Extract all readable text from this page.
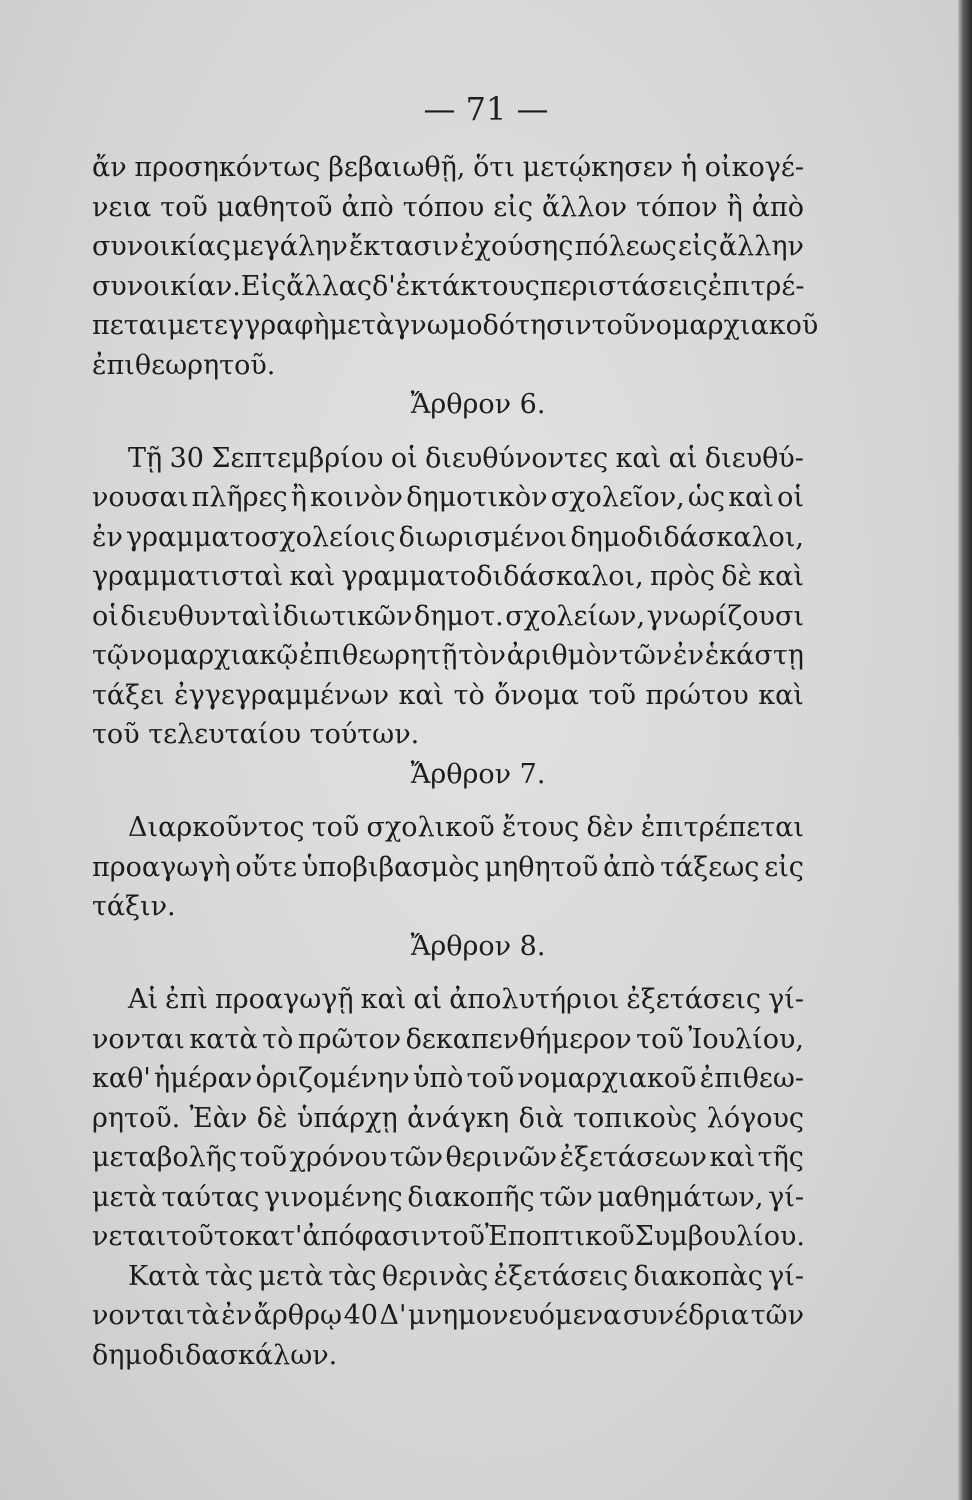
— 71 —
ἄν προσηκόντως βεβαιωθῇ, ὅτι μετῴκησεν ἡ οἰκογέ-
νεια τοῦ μαθητοῦ ἀπὸ τόπου εἰς ἄλλον τόπον ἢ ἀπὸ
συνοικίας μεγάλην ἔκτασιν ἐχούσης πόλεως εἰς ἄλλην
συνοικίαν. Εἰς ἄλλας δ' ἐκτάκτους περιστάσεις ἐπιτρέ-
πεται μετεγγραφὴ μετὰ γνωμοδότησιν τοῦ νομαρχιακοῦ
ἐπιθεωρητοῦ.
Ἄρθρον 6.
Τῇ 30 Σεπτεμβρίου οἱ διευθύνοντες καὶ αἱ διευθύ-
νουσαι πλῆρες ἢ κοινὸν δημοτικὸν σχολεῖον, ὡς καὶ οἱ
ἐν γραμματοσχολείοις διωρισμένοι δημοδιδάσκαλοι,
γραμματισταὶ καὶ γραμματοδιδάσκαλοι, πρὸς δὲ καὶ
οἱ διευθυνταὶ ἰδιωτικῶν δημοτ. σχολείων, γνωρίζουσι
τῷ νομαρχιακῷ ἐπιθεωρητῇ τὸν ἀριθμὸν τῶν ἐν ἑκάστῃ
τάξει ἐγγεγραμμένων καὶ τὸ ὄνομα τοῦ πρώτου καὶ
τοῦ τελευταίου τούτων.
Ἄρθρον 7.
Διαρκοῦντος τοῦ σχολικοῦ ἔτους δὲν ἐπιτρέπεται
προαγωγὴ οὔτε ὑποβιβασμὸς μηθητοῦ ἀπὸ τάξεως εἰς
τάξιν.
Ἄρθρον 8.
Αἱ ἐπὶ προαγωγῇ καὶ αἱ ἀπολυτήριοι ἐξετάσεις γί-
νονται κατὰ τὸ πρῶτον δεκαπενθήμερον τοῦ Ἰουλίου,
καθ' ἡμέραν ὁριζομένην ὑπὸ τοῦ νομαρχιακοῦ ἐπιθεω-
ρητοῦ. Ἐὰν δὲ ὑπάρχῃ ἀνάγκη διὰ τοπικοὺς λόγους
μεταβολῆς τοῦ χρόνου τῶν θερινῶν ἐξετάσεων καὶ τῆς
μετὰ ταύτας γινομένης διακοπῆς τῶν μαθημάτων, γί-
νεται τοῦτο κατ' ἀπόφασιν τοῦ Ἐποπτικοῦ Συμβουλίου.
Κατὰ τὰς μετὰ τὰς θερινὰς ἐξετάσεις διακοπὰς γί-
νονται τὰ ἐν ἄρθρῳ 40 Δ' μνημονευόμενα συνέδρια τῶν
δημοδιδασκάλων.
